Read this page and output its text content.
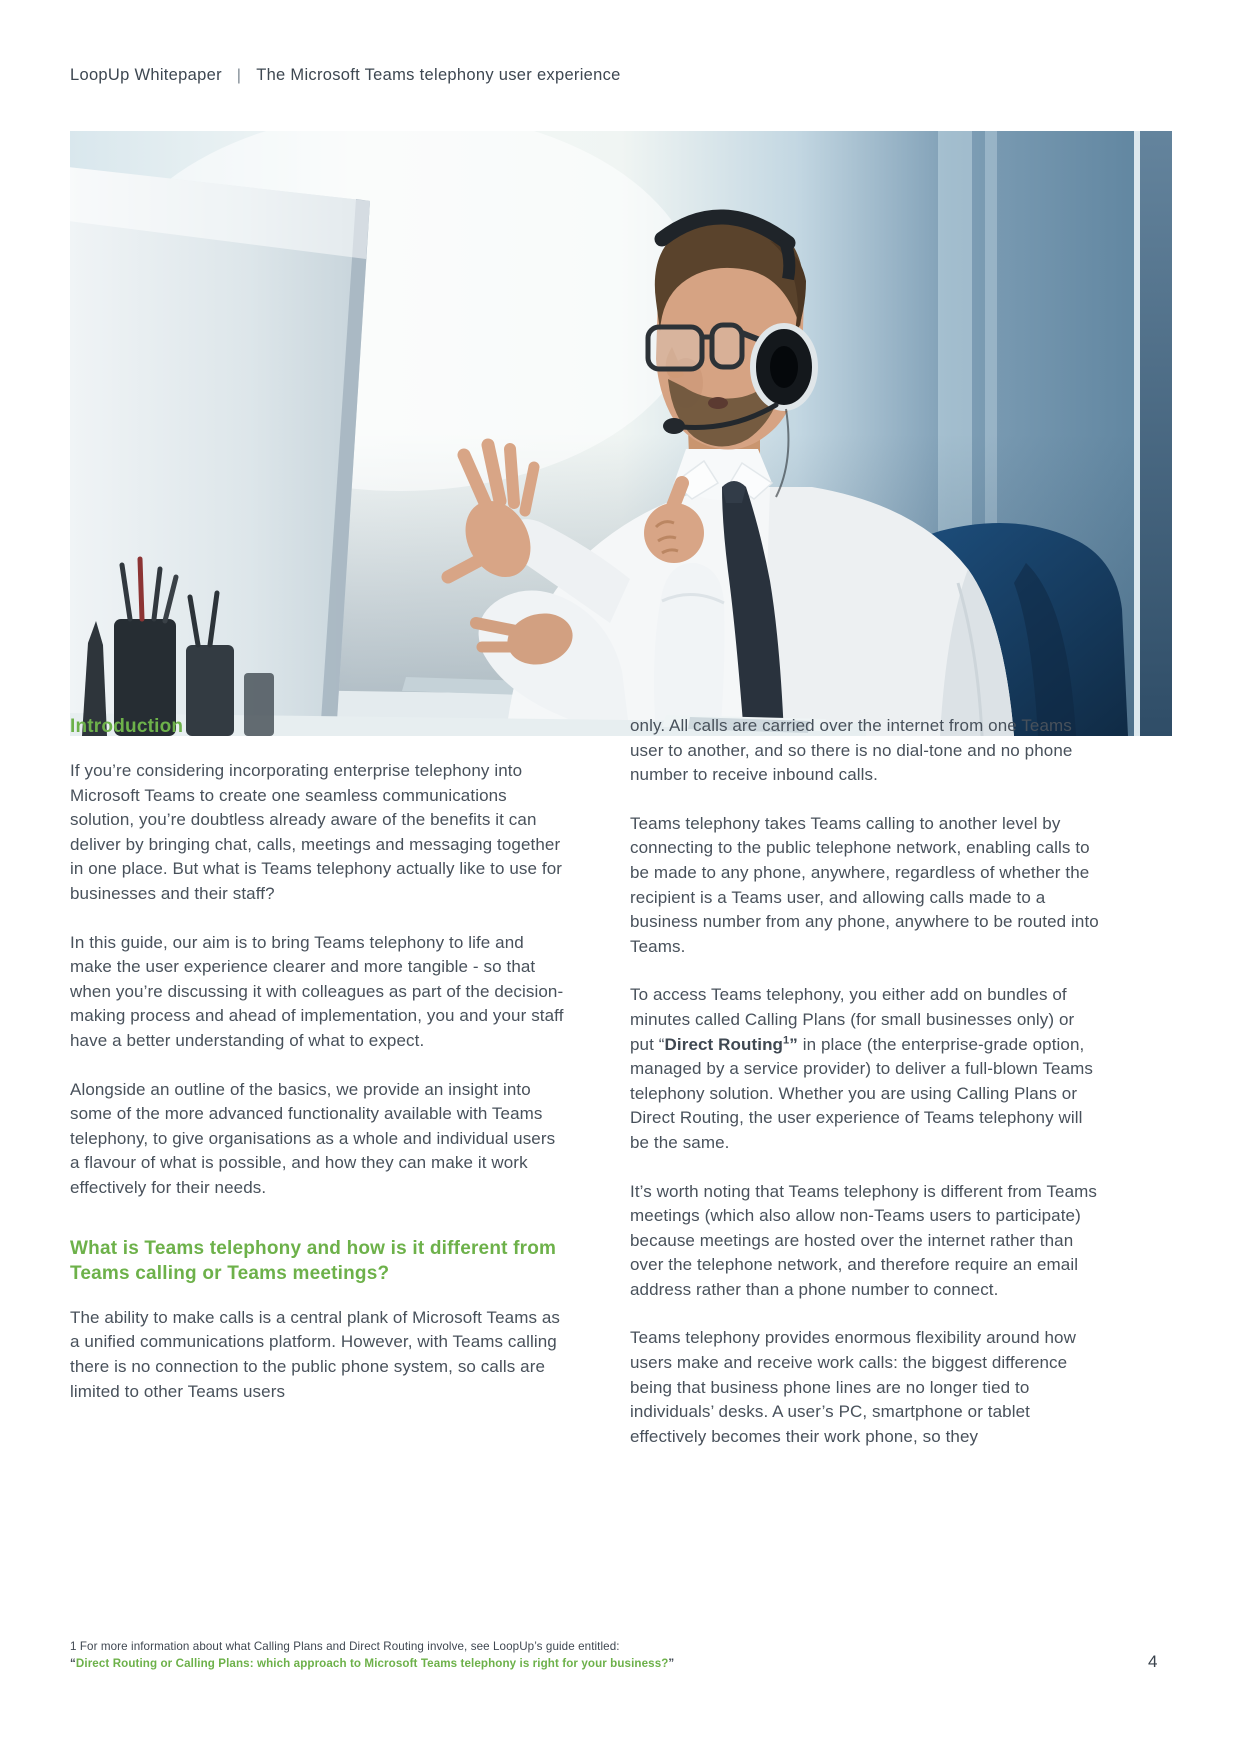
LoopUp Whitepaper | The Microsoft Teams telephony user experience
Introduction

If you’re considering incorporating enterprise telephony into Microsoft Teams to create one seamless communications solution, you’re doubtless already aware of the benefits it can deliver by bringing chat, calls, meetings and messaging together in one place. But what is Teams telephony actually like to use for businesses and their staff?

In this guide, our aim is to bring Teams telephony to life and make the user experience clearer and more tangible - so that when you’re discussing it with colleagues as part of the decision-making process and ahead of implementation, you and your staff have a better understanding of what to expect.

Alongside an outline of the basics, we provide an insight into some of the more advanced functionality available with Teams telephony, to give organisations as a whole and individual users a flavour of what is possible, and how they can make it work effectively for their needs.

What is Teams telephony and how is it different from Teams calling or Teams meetings?

The ability to make calls is a central plank of Microsoft Teams as a unified communications platform. However, with Teams calling there is no connection to the public phone system, so calls are limited to other Teams users

only. All calls are carried over the internet from one Teams user to another, and so there is no dial-tone and no phone number to receive inbound calls.

Teams telephony takes Teams calling to another level by connecting to the public telephone network, enabling calls to be made to any phone, anywhere, regardless of whether the recipient is a Teams user, and allowing calls made to a business number from any phone, anywhere to be routed into Teams.

To access Teams telephony, you either add on bundles of minutes called Calling Plans (for small businesses only) or put “Direct Routing$^1$” in place (the enterprise-grade option, managed by a service provider) to deliver a full-blown Teams telephony solution. Whether you are using Calling Plans or Direct Routing, the user experience of Teams telephony will be the same.

It’s worth noting that Teams telephony is different from Teams meetings (which also allow non-Teams users to participate) because meetings are hosted over the internet rather than over the telephone network, and therefore require an email address rather than a phone number to connect.

Teams telephony provides enormous flexibility around how users make and receive work calls: the biggest difference being that business phone lines are no longer tied to individuals’ desks. A user’s PC, smartphone or tablet effectively becomes their work phone, so they

1 For more information about what Calling Plans and Direct Routing involve, see LoopUp’s guide entitled:

“Direct Routing or Calling Plans: which approach to Microsoft Teams telephony is right for your business?”	4
